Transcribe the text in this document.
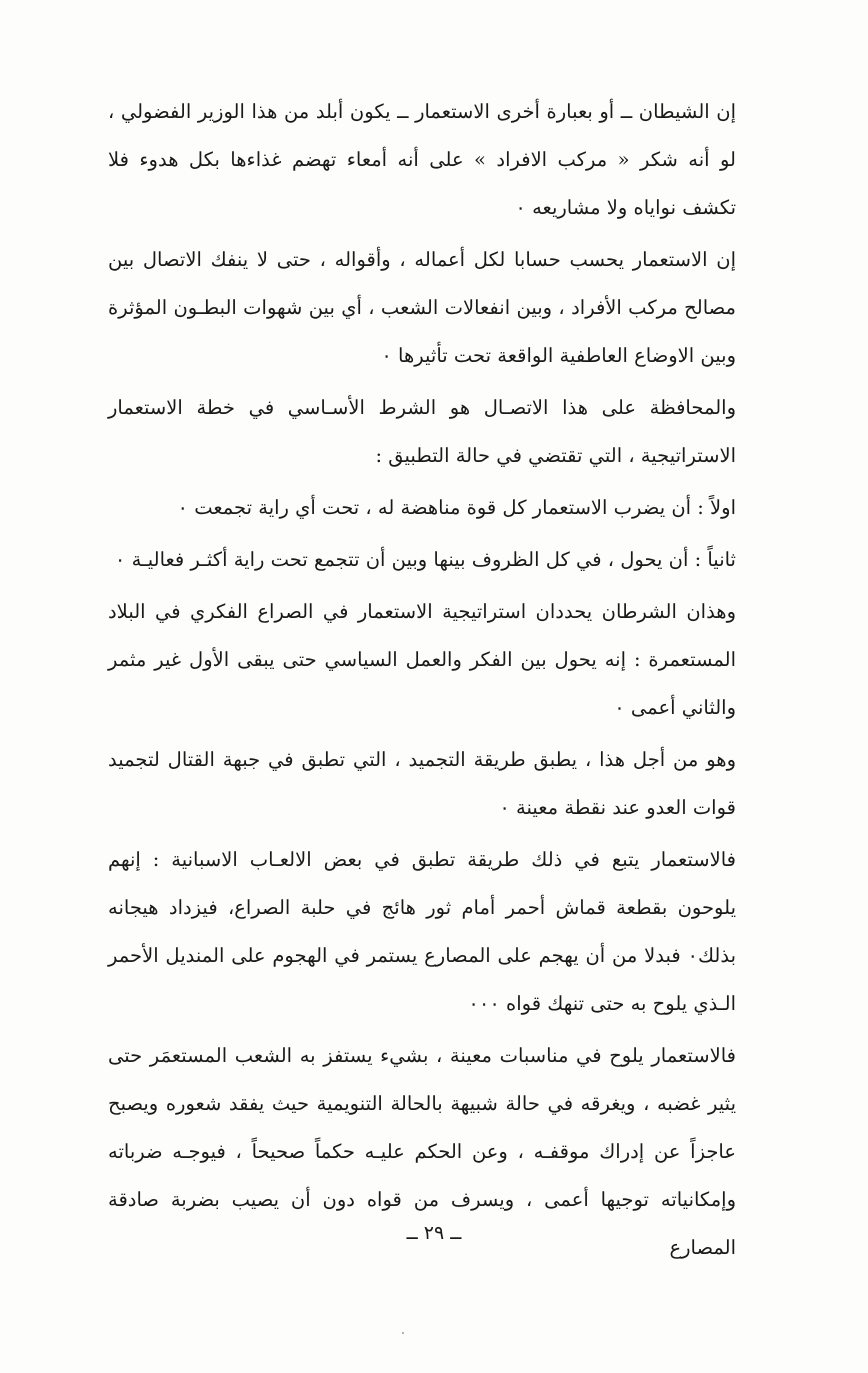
إن الشيطان ــ أو بعبارة أخرى الاستعمار ــ يكون أبلد من هذا الوزير الفضولي ، لو أنه شكر « مركب الافراد » على أنه أمعاء تهضم غذاءها بكل هدوء فلا تكشف نواياه ولا مشاريعه ٠

إن الاستعمار يحسب حسابا لكل أعماله ، وأقواله ، حتى لا ينفك الاتصال بين مصالح مركب الأفراد ، وبين انفعالات الشعب ، أي بين شهوات البطـون المؤثرة وبين الاوضاع العاطفية الواقعة تحت تأثيرها ٠

والمحافظة على هذا الاتصـال هو الشرط الأسـاسي في خطة الاستعمار الاستراتيجية ، التي تقتضي في حالة التطبيق :

اولاً : أن يضرب الاستعمار كل قوة مناهضة له ، تحت أي راية تجمعت ٠

ثانياً : أن يحول ، في كل الظروف بينها وبين أن تتجمع تحت راية أكثـر فعاليـة ٠

وهذان الشرطان يحددان استراتيجية الاستعمار في الصراع الفكري في البلاد المستعمرة : إنه يحول بين الفكر والعمل السياسي حتى يبقى الأول غير مثمر والثاني أعمى ٠

وهو من أجل هذا ، يطبق طريقة التجميد ، التي تطبق في جبهة القتال لتجميد قوات العدو عند نقطة معينة ٠

فالاستعمار يتبع في ذلك طريقة تطبق في بعض الالعـاب الاسبانية : إنهم يلوحون بقطعة قماش أحمر أمام ثور هائج في حلبة الصراع، فيزداد هيجانه بذلك٠ فبدلا من أن يهجم على المصارع يستمر في الهجوم على المنديل الأحمر الـذي يلوح به حتى تنهك قواه ٠٠٠

فالاستعمار يلوح في مناسبات معينة ، بشيء يستفز به الشعب المستعمَر حتى يثير غضبه ، ويغرقه في حالة شبيهة بالحالة التنويمية حيث يفقد شعوره ويصبح عاجزاً عن إدراك موقفـه ، وعن الحكم عليـه حكماً صحيحاً ، فيوجـه ضرباته وإمكانياته توجيها أعمى ، ويسرف من قواه دون أن يصيب بضربة صادقة المصارع

ــ ٢٩ ــ
